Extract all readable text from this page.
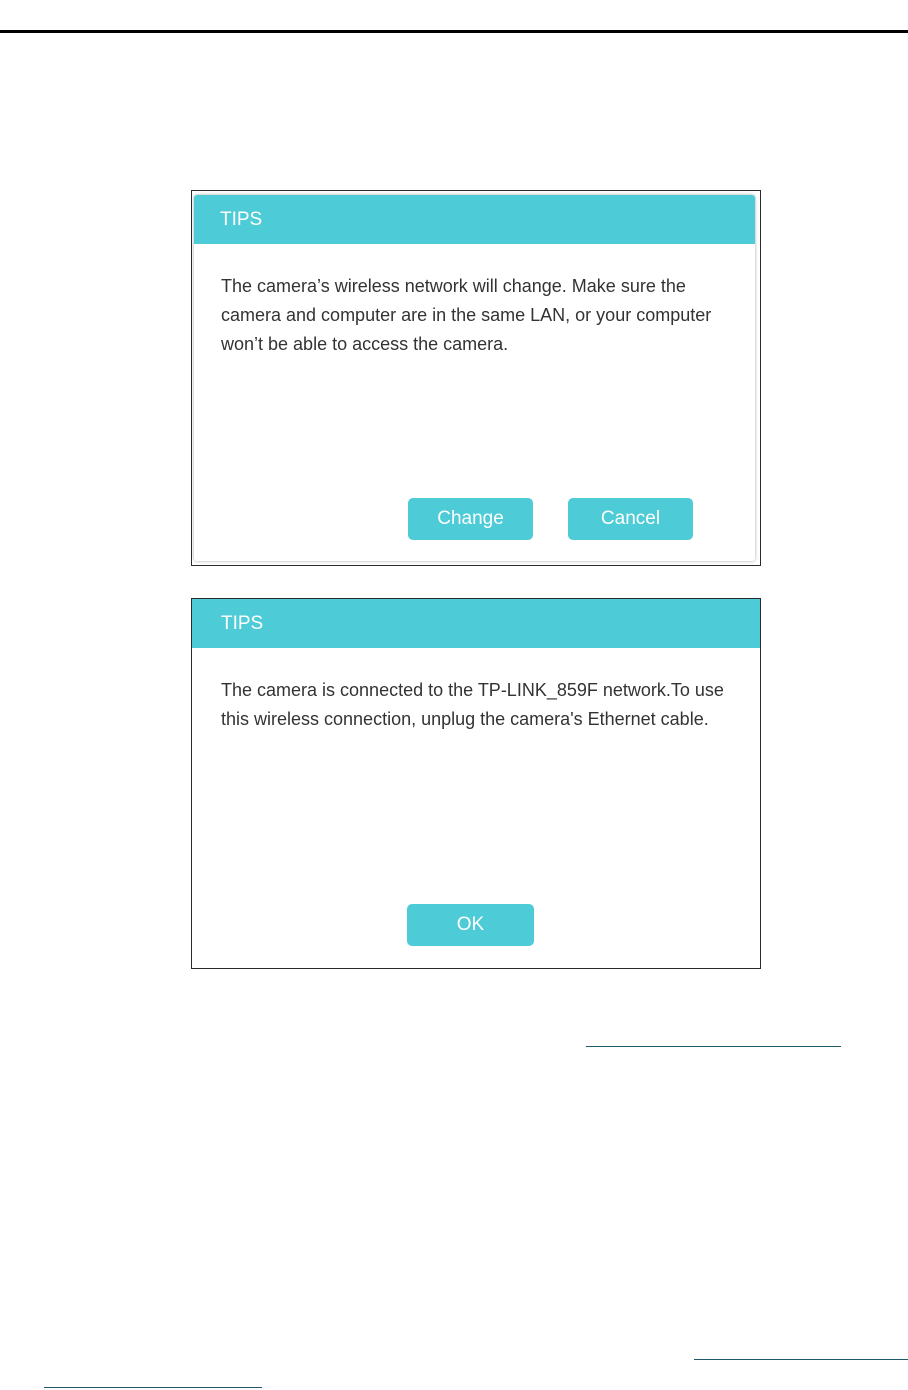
TIPS
The camera’s wireless network will change. Make sure the camera and computer are in the same LAN, or your computer won’t be able to access the camera.
Change	Cancel
TIPS
The camera is connected to the TP-LINK_859F network.To use this wireless connection, unplug the camera's Ethernet cable.
OK
